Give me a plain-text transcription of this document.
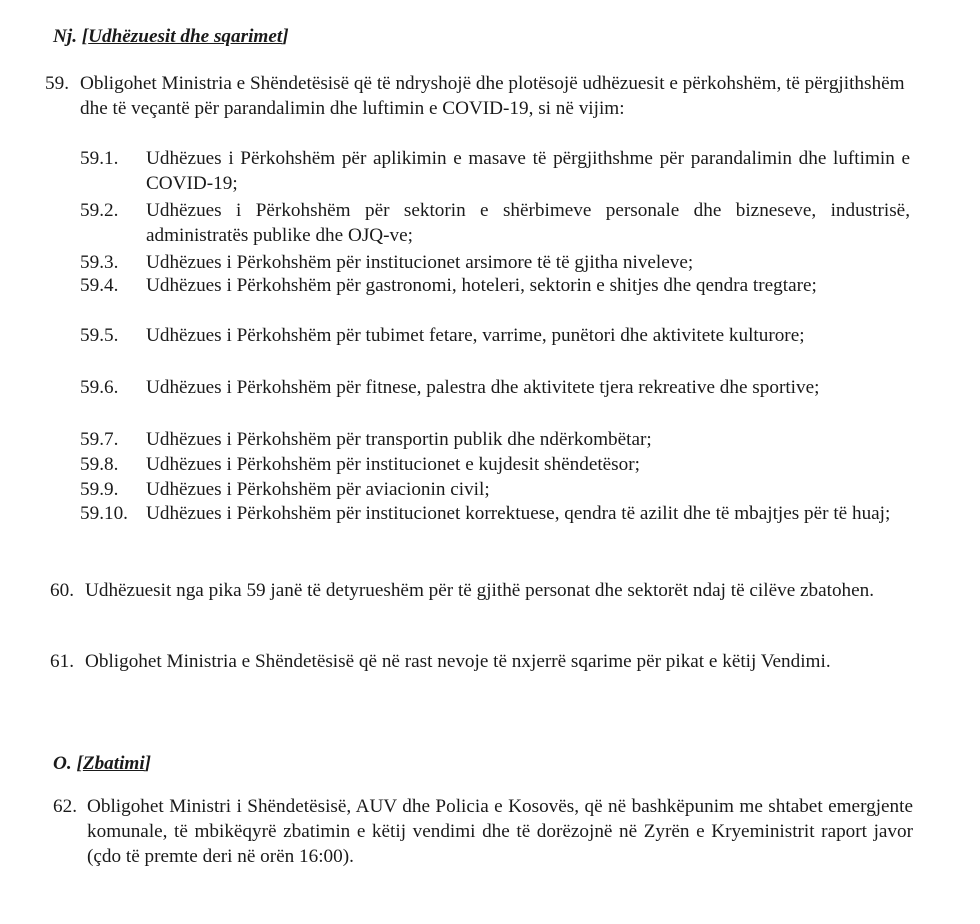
Nj. [Udhëzuesit dhe sqarimet]
59. Obligohet Ministria e Shëndetësisë që të ndryshojë dhe plotësojë udhëzuesit e përkohshëm, të përgjithshëm dhe të veçantë për parandalimin dhe luftimin e COVID-19, si në vijim:
59.1. Udhëzues i Përkohshëm për aplikimin e masave të përgjithshme për parandalimin dhe luftimin e COVID-19;
59.2. Udhëzues i Përkohshëm për sektorin e shërbimeve personale dhe bizneseve, industrisë, administratës publike dhe OJQ-ve;
59.3. Udhëzues i Përkohshëm për institucionet arsimore të të gjitha niveleve;
59.4. Udhëzues i Përkohshëm për gastronomi, hoteleri, sektorin e shitjes dhe qendra tregtare;
59.5. Udhëzues i Përkohshëm për tubimet fetare, varrime, punëtori dhe aktivitete kulturore;
59.6. Udhëzues i Përkohshëm për fitnese, palestra dhe aktivitete tjera rekreative dhe sportive;
59.7. Udhëzues i Përkohshëm për transportin publik dhe ndërkombëtar;
59.8. Udhëzues i Përkohshëm për institucionet e kujdesit shëndetësor;
59.9. Udhëzues i Përkohshëm për aviacionin civil;
59.10. Udhëzues i Përkohshëm për institucionet korrektuese, qendra të azilit dhe të mbajtjes për të huaj;
60. Udhëzuesit nga pika 59 janë të detyrueshëm për të gjithë personat dhe sektorët ndaj të cilëve zbatohen.
61. Obligohet Ministria e Shëndetësisë që në rast nevoje të nxjerrë sqarime për pikat e këtij Vendimi.
O. [Zbatimi]
62. Obligohet Ministri i Shëndetësisë, AUV dhe Policia e Kosovës, që në bashkëpunim me shtabet emergjente komunale, të mbikëqyrë zbatimin e këtij vendimi dhe të dorëzojnë në Zyrën e Kryeministrit raport javor (çdo të premte deri në orën 16:00).
